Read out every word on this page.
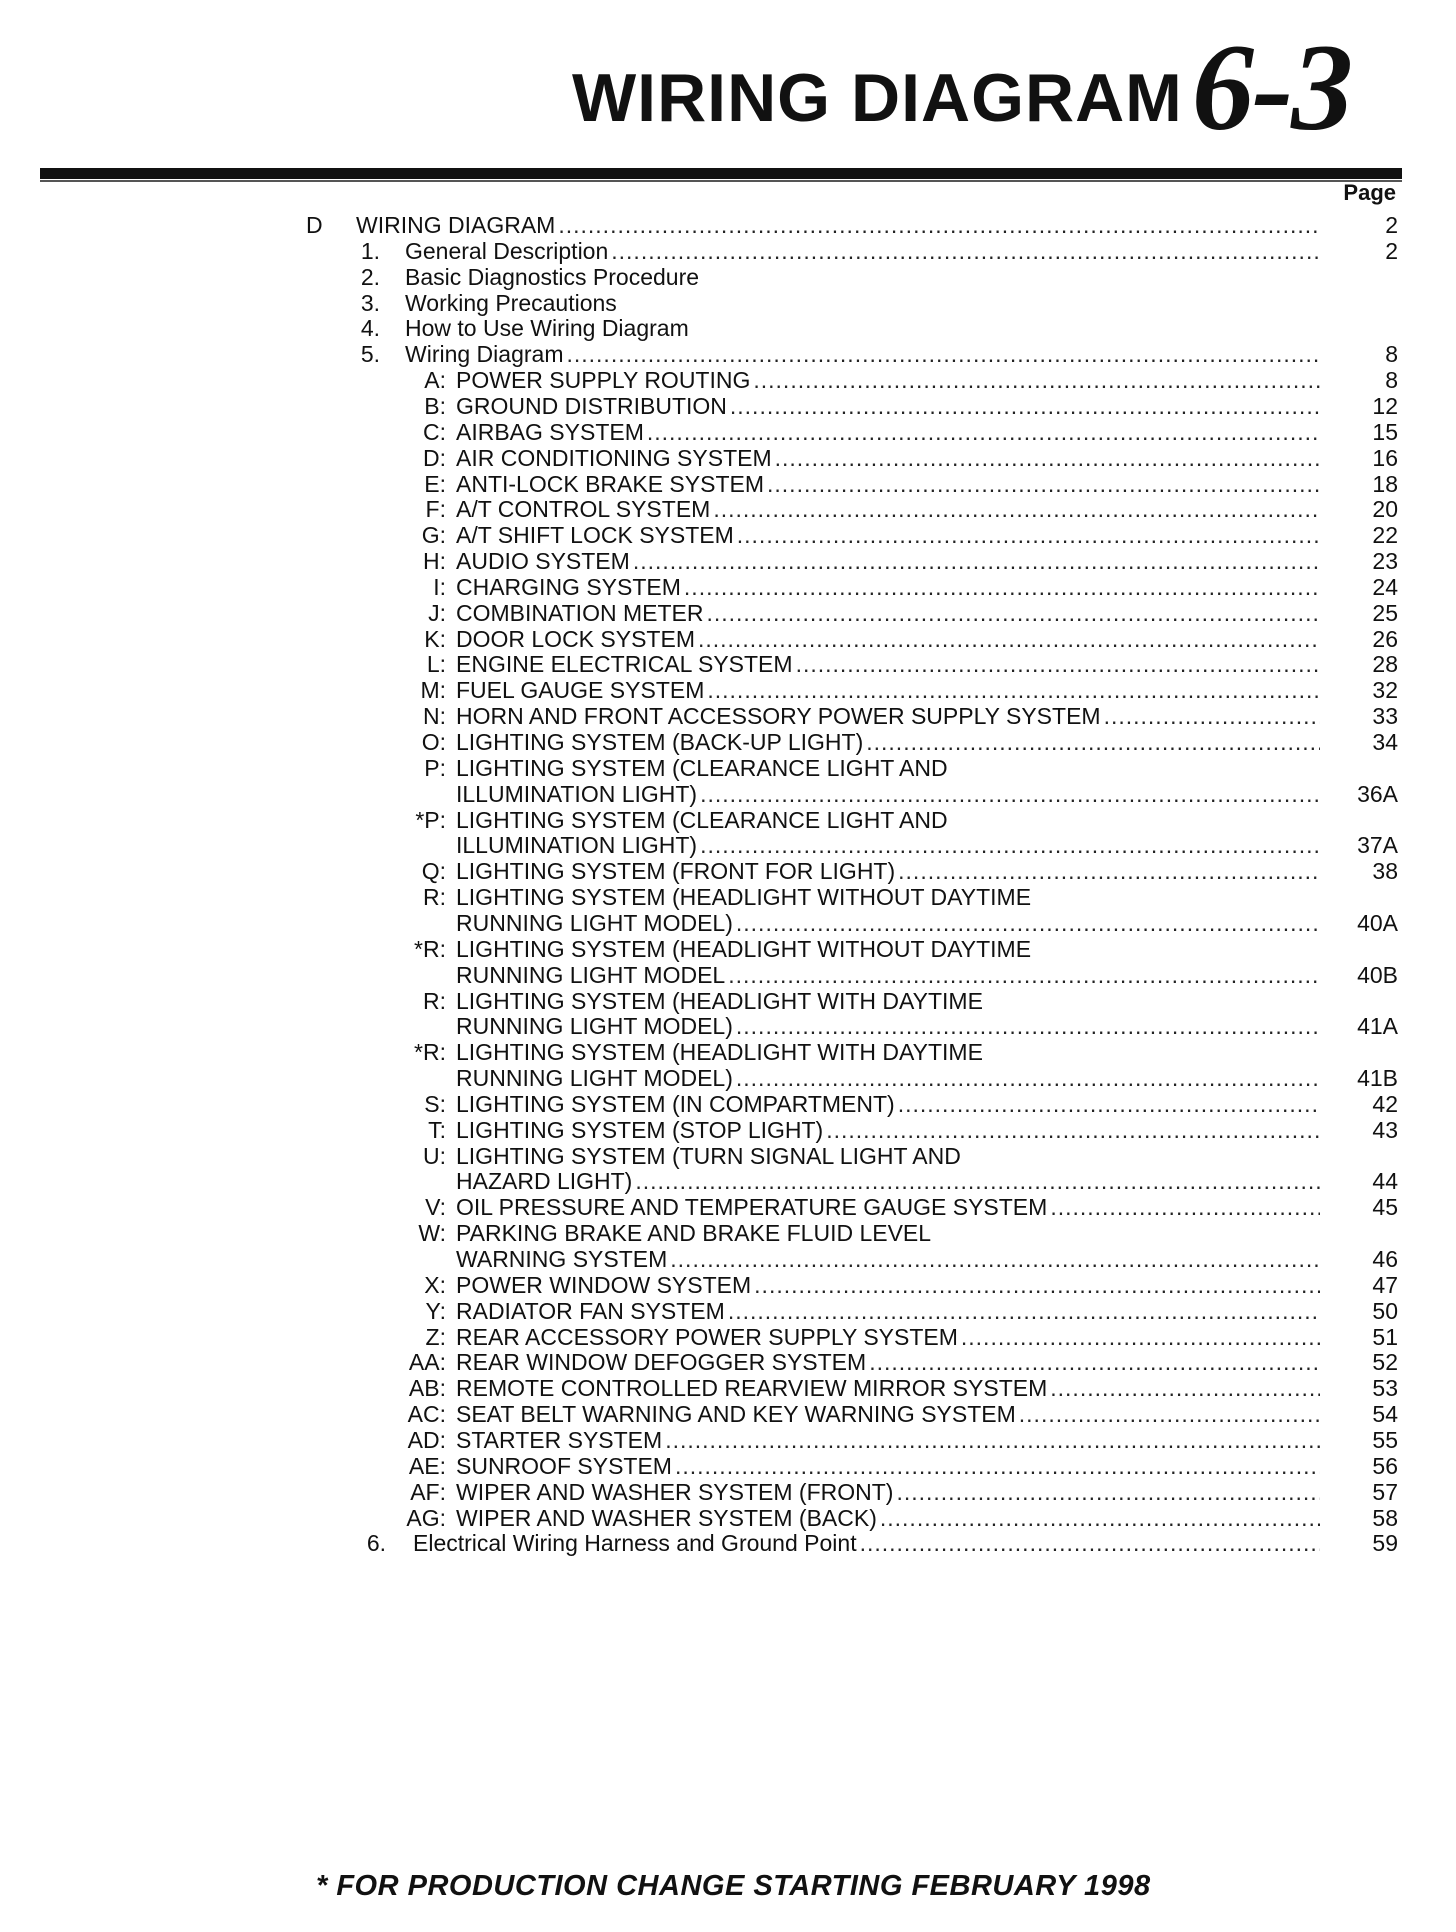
WIRING DIAGRAM 6-3
Page
D WIRING DIAGRAM .....	2
1. General Description .....	2
2. Basic Diagnostics Procedure
3. Working Precautions
4. How to Use Wiring Diagram
5. Wiring Diagram .....	8
A: POWER SUPPLY ROUTING .....	8
B: GROUND DISTRIBUTION .....	12
C: AIRBAG SYSTEM .....	15
D: AIR CONDITIONING SYSTEM .....	16
E: ANTI-LOCK BRAKE SYSTEM .....	18
F: A/T CONTROL SYSTEM .....	20
G: A/T SHIFT LOCK SYSTEM .....	22
H: AUDIO SYSTEM .....	23
I: CHARGING SYSTEM .....	24
J: COMBINATION METER .....	25
K: DOOR LOCK SYSTEM .....	26
L: ENGINE ELECTRICAL SYSTEM .....	28
M: FUEL GAUGE SYSTEM .....	32
N: HORN AND FRONT ACCESSORY POWER SUPPLY SYSTEM .....	33
O: LIGHTING SYSTEM (BACK-UP LIGHT) .....	34
P: LIGHTING SYSTEM (CLEARANCE LIGHT AND
ILLUMINATION LIGHT) .....	36A
*P: LIGHTING SYSTEM (CLEARANCE LIGHT AND
ILLUMINATION LIGHT) .....	37A
Q: LIGHTING SYSTEM (FRONT FOR LIGHT) .....	38
R: LIGHTING SYSTEM (HEADLIGHT WITHOUT DAYTIME
RUNNING LIGHT MODEL) .....	40A
*R: LIGHTING SYSTEM (HEADLIGHT WITHOUT DAYTIME
RUNNING LIGHT MODEL .....	40B
R: LIGHTING SYSTEM (HEADLIGHT WITH DAYTIME
RUNNING LIGHT MODEL) .....	41A
*R: LIGHTING SYSTEM (HEADLIGHT WITH DAYTIME
RUNNING LIGHT MODEL) .....	41B
S: LIGHTING SYSTEM (IN COMPARTMENT) .....	42
T: LIGHTING SYSTEM (STOP LIGHT) .....	43
U: LIGHTING SYSTEM (TURN SIGNAL LIGHT AND
HAZARD LIGHT) .....	44
V: OIL PRESSURE AND TEMPERATURE GAUGE SYSTEM .....	45
W: PARKING BRAKE AND BRAKE FLUID LEVEL
WARNING SYSTEM .....	46
X: POWER WINDOW SYSTEM .....	47
Y: RADIATOR FAN SYSTEM .....	50
Z: REAR ACCESSORY POWER SUPPLY SYSTEM .....	51
AA: REAR WINDOW DEFOGGER SYSTEM .....	52
AB: REMOTE CONTROLLED REARVIEW MIRROR SYSTEM .....	53
AC: SEAT BELT WARNING AND KEY WARNING SYSTEM .....	54
AD: STARTER SYSTEM .....	55
AE: SUNROOF SYSTEM .....	56
AF: WIPER AND WASHER SYSTEM (FRONT) .....	57
AG: WIPER AND WASHER SYSTEM (BACK) .....	58
6. Electrical Wiring Harness and Ground Point .....	59
* FOR PRODUCTION CHANGE STARTING FEBRUARY 1998
